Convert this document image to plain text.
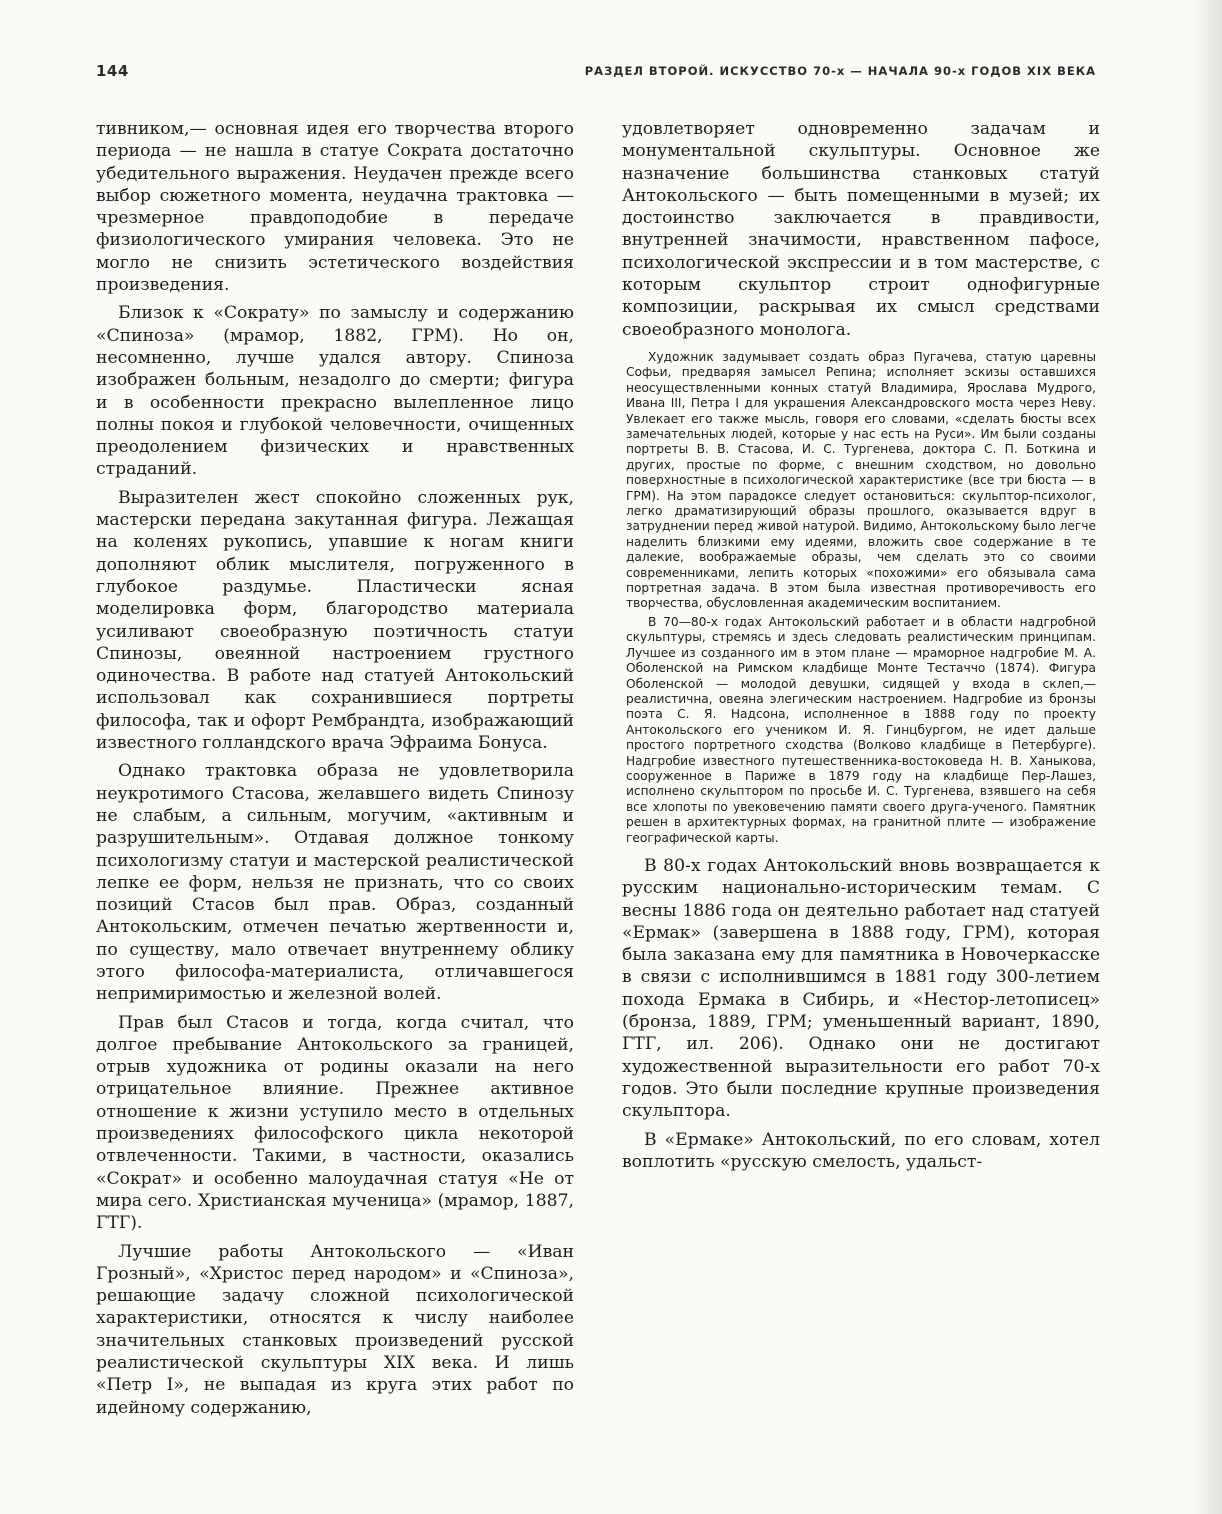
144	РАЗДЕЛ ВТОРОЙ. ИСКУССТВО 70-х — НАЧАЛА 90-х ГОДОВ XIX ВЕКА

тивником,— основная идея его творчества второго периода — не нашла в статуе Сократа достаточно убедительного выражения. Неудачен прежде всего выбор сюжетного момента, неудачна трактовка — чрезмерное правдоподобие в передаче физиологического умирания человека. Это не могло не снизить эстетического воздействия произведения.

Близок к «Сократу» по замыслу и содержанию «Спиноза» (мрамор, 1882, ГРМ). Но он, несомненно, лучше удался автору. Спиноза изображен больным, незадолго до смерти; фигура и в особенности прекрасно вылепленное лицо полны покоя и глубокой человечности, очищенных преодолением физических и нравственных страданий.

Выразителен жест спокойно сложенных рук, мастерски передана закутанная фигура. Лежащая на коленях рукопись, упавшие к ногам книги дополняют облик мыслителя, погруженного в глубокое раздумье. Пластически ясная моделировка форм, благородство материала усиливают своеобразную поэтичность статуи Спинозы, овеянной настроением грустного одиночества. В работе над статуей Антокольский использовал как сохранившиеся портреты философа, так и офорт Рембрандта, изображающий известного голландского врача Эфраима Бонуса.

Однако трактовка образа не удовлетворила неукротимого Стасова, желавшего видеть Спинозу не слабым, а сильным, могучим, «активным и разрушительным». Отдавая должное тонкому психологизму статуи и мастерской реалистической лепке ее форм, нельзя не признать, что со своих позиций Стасов был прав. Образ, созданный Антокольским, отмечен печатью жертвенности и, по существу, мало отвечает внутреннему облику этого философа-материалиста, отличавшегося непримиримостью и железной волей.

Прав был Стасов и тогда, когда считал, что долгое пребывание Антокольского за границей, отрыв художника от родины оказали на него отрицательное влияние. Прежнее активное отношение к жизни уступило место в отдельных произведениях философского цикла некоторой отвлеченности. Такими, в частности, оказались «Сократ» и особенно малоудачная статуя «Не от мира сего. Христианская мученица» (мрамор, 1887, ГТГ).

Лучшие работы Антокольского — «Иван Грозный», «Христос перед народом» и «Спиноза», решающие задачу сложной психологической характеристики, относятся к числу наиболее значительных станковых произведений русской реалистической скульптуры XIX века. И лишь «Петр I», не выпадая из круга этих работ по идейному содержанию,

удовлетворяет одновременно задачам и монументальной скульптуры. Основное же назначение большинства станковых статуй Антокольского — быть помещенными в музей; их достоинство заключается в правдивости, внутренней значимости, нравственном пафосе, психологической экспрессии и в том мастерстве, с которым скульптор строит однофигурные композиции, раскрывая их смысл средствами своеобразного монолога.

Художник задумывает создать образ Пугачева, статую царевны Софьи, предваряя замысел Репина; исполняет эскизы оставшихся неосуществленными конных статуй Владимира, Ярослава Мудрого, Ивана III, Петра I для украшения Александровского моста через Неву. Увлекает его также мысль, говоря его словами, «сделать бюсты всех замечательных людей, которые у нас есть на Руси». Им были созданы портреты В. В. Стасова, И. С. Тургенева, доктора С. П. Боткина и других, простые по форме, с внешним сходством, но довольно поверхностные в психологической характеристике (все три бюста — в ГРМ). На этом парадоксе следует остановиться: скульптор-психолог, легко драматизирующий образы прошлого, оказывается вдруг в затруднении перед живой натурой. Видимо, Антокольскому было легче наделить близкими ему идеями, вложить свое содержание в те далекие, воображаемые образы, чем сделать это со своими современниками, лепить которых «похожими» его обязывала сама портретная задача. В этом была известная противоречивость его творчества, обусловленная академическим воспитанием.

В 70—80-х годах Антокольский работает и в области надгробной скульптуры, стремясь и здесь следовать реалистическим принципам. Лучшее из созданного им в этом плане — мраморное надгробие М. А. Оболенской на Римском кладбище Монте Тестаччо (1874). Фигура Оболенской — молодой девушки, сидящей у входа в склеп,— реалистична, овеяна элегическим настроением. Надгробие из бронзы поэта С. Я. Надсона, исполненное в 1888 году по проекту Антокольского его учеником И. Я. Гинцбургом, не идет дальше простого портретного сходства (Волково кладбище в Петербурге). Надгробие известного путешественника-востоковеда Н. В. Ханыкова, сооруженное в Париже в 1879 году на кладбище Пер-Лашез, исполнено скульптором по просьбе И. С. Тургенева, взявшего на себя все хлопоты по увековечению памяти своего друга-ученого. Памятник решен в архитектурных формах, на гранитной плите — изображение географической карты.

В 80-х годах Антокольский вновь возвращается к русским национально-историческим темам. С весны 1886 года он деятельно работает над статуей «Ермак» (завершена в 1888 году, ГРМ), которая была заказана ему для памятника в Новочеркасске в связи с исполнившимся в 1881 году 300-летием похода Ермака в Сибирь, и «Нестор-летописец» (бронза, 1889, ГРМ; уменьшенный вариант, 1890, ГТГ, ил. 206). Однако они не достигают художественной выразительности его работ 70-х годов. Это были последние крупные произведения скульптора.

В «Ермаке» Антокольский, по его словам, хотел воплотить «русскую смелость, удальст-
